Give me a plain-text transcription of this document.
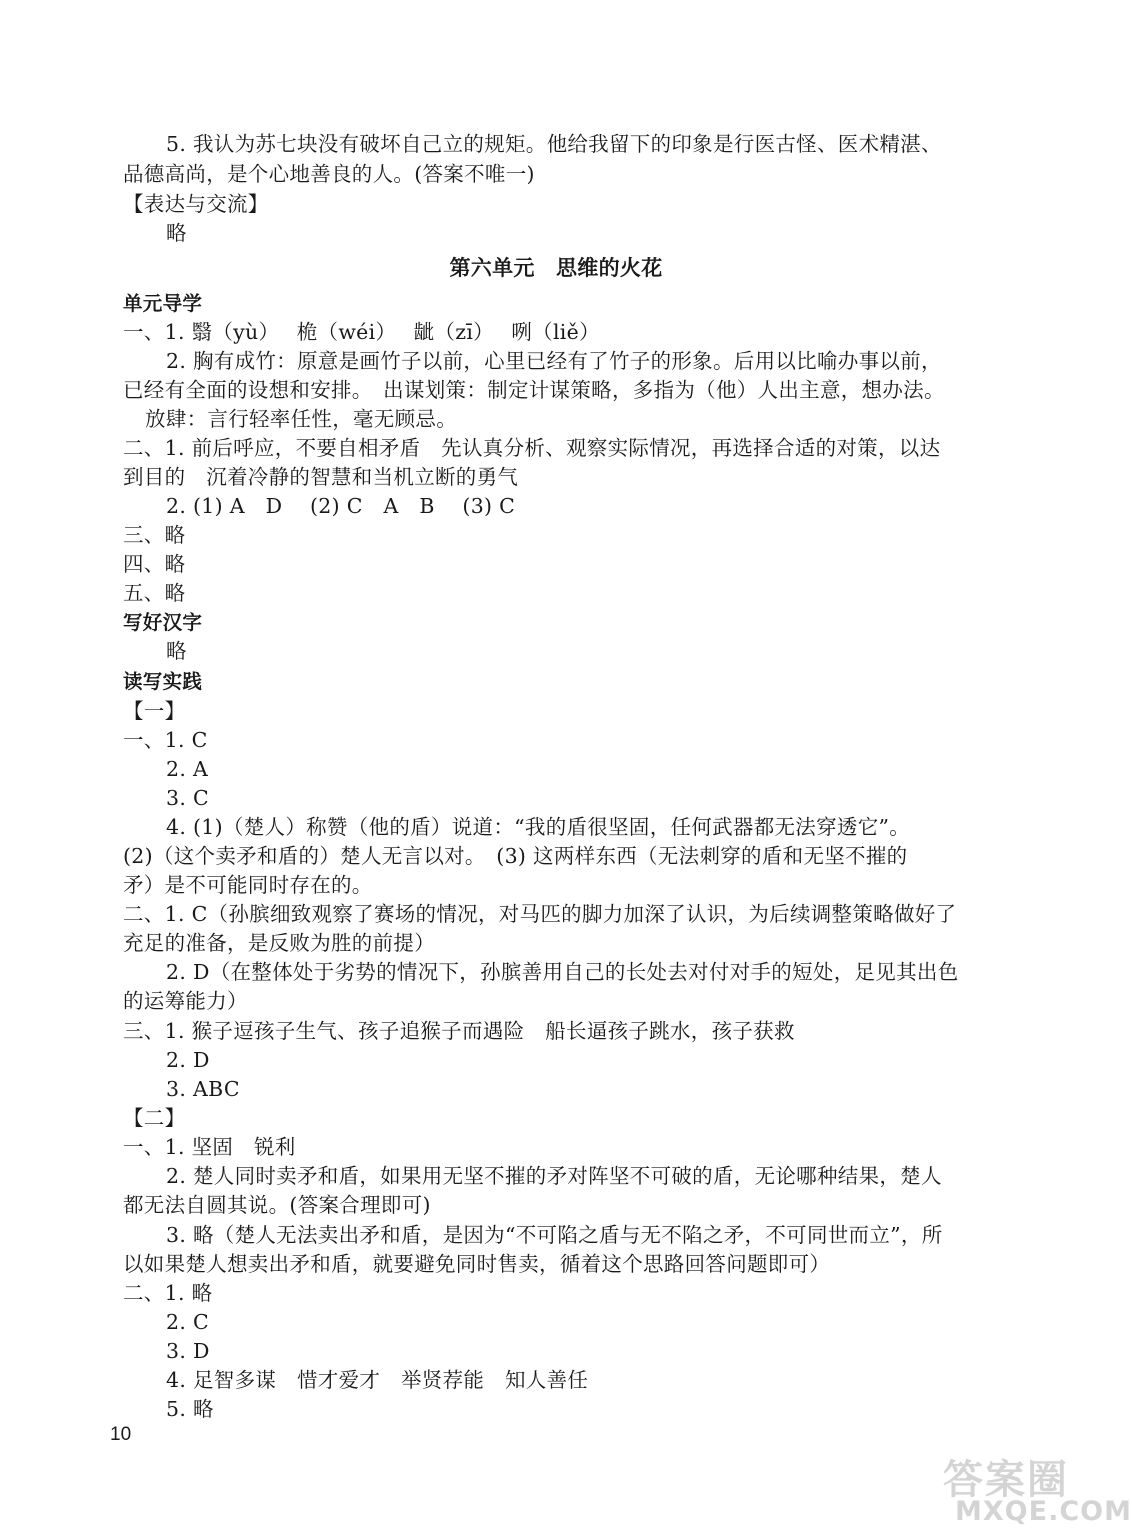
5. 我认为苏七块没有破坏自己立的规矩。他给我留下的印象是行医古怪、医术精湛、
品德高尚，是个心地善良的人。(答案不唯一)
【表达与交流】
略
第六单元　思维的火花
单元导学
一、1. 翳（yù）　 桅（wéi）　 龇（zī）　 咧（liě）
2. 胸有成竹：原意是画竹子以前，心里已经有了竹子的形象。后用以比喻办事以前，
已经有全面的设想和安排。　出谋划策：制定计谋策略，多指为（他）人出主意，想办法。
放肆：言行轻率任性，毫无顾忌。
二、1. 前后呼应，不要自相矛盾　先认真分析、观察实际情况，再选择合适的对策，以达
到目的　沉着冷静的智慧和当机立断的勇气
2. (1) A　D　 (2) C　A　B　 (3) C
三、略
四、略
五、略
写好汉字
略
读写实践
【一】
一、1. C
2. A
3. C
4. (1)（楚人）称赞（他的盾）说道：“我的盾很坚固，任何武器都无法穿透它”。
(2)（这个卖矛和盾的）楚人无言以对。　(3) 这两样东西（无法刺穿的盾和无坚不摧的
矛）是不可能同时存在的。
二、1. C（孙膑细致观察了赛场的情况，对马匹的脚力加深了认识，为后续调整策略做好了
充足的准备，是反败为胜的前提）
2. D（在整体处于劣势的情况下，孙膑善用自己的长处去对付对手的短处，足见其出色
的运筹能力）
三、1. 猴子逗孩子生气、孩子追猴子而遇险　船长逼孩子跳水，孩子获救
2. D
3. ABC
【二】
一、1. 坚固　锐利
2. 楚人同时卖矛和盾，如果用无坚不摧的矛对阵坚不可破的盾，无论哪种结果，楚人
都无法自圆其说。(答案合理即可)
3. 略（楚人无法卖出矛和盾，是因为“不可陷之盾与无不陷之矛，不可同世而立”，所
以如果楚人想卖出矛和盾，就要避免同时售卖，循着这个思路回答问题即可）
二、1. 略
2. C
3. D
4. 足智多谋　惜才爱才　举贤荐能　知人善任
5. 略
10
答案圈
MXQE.COM
